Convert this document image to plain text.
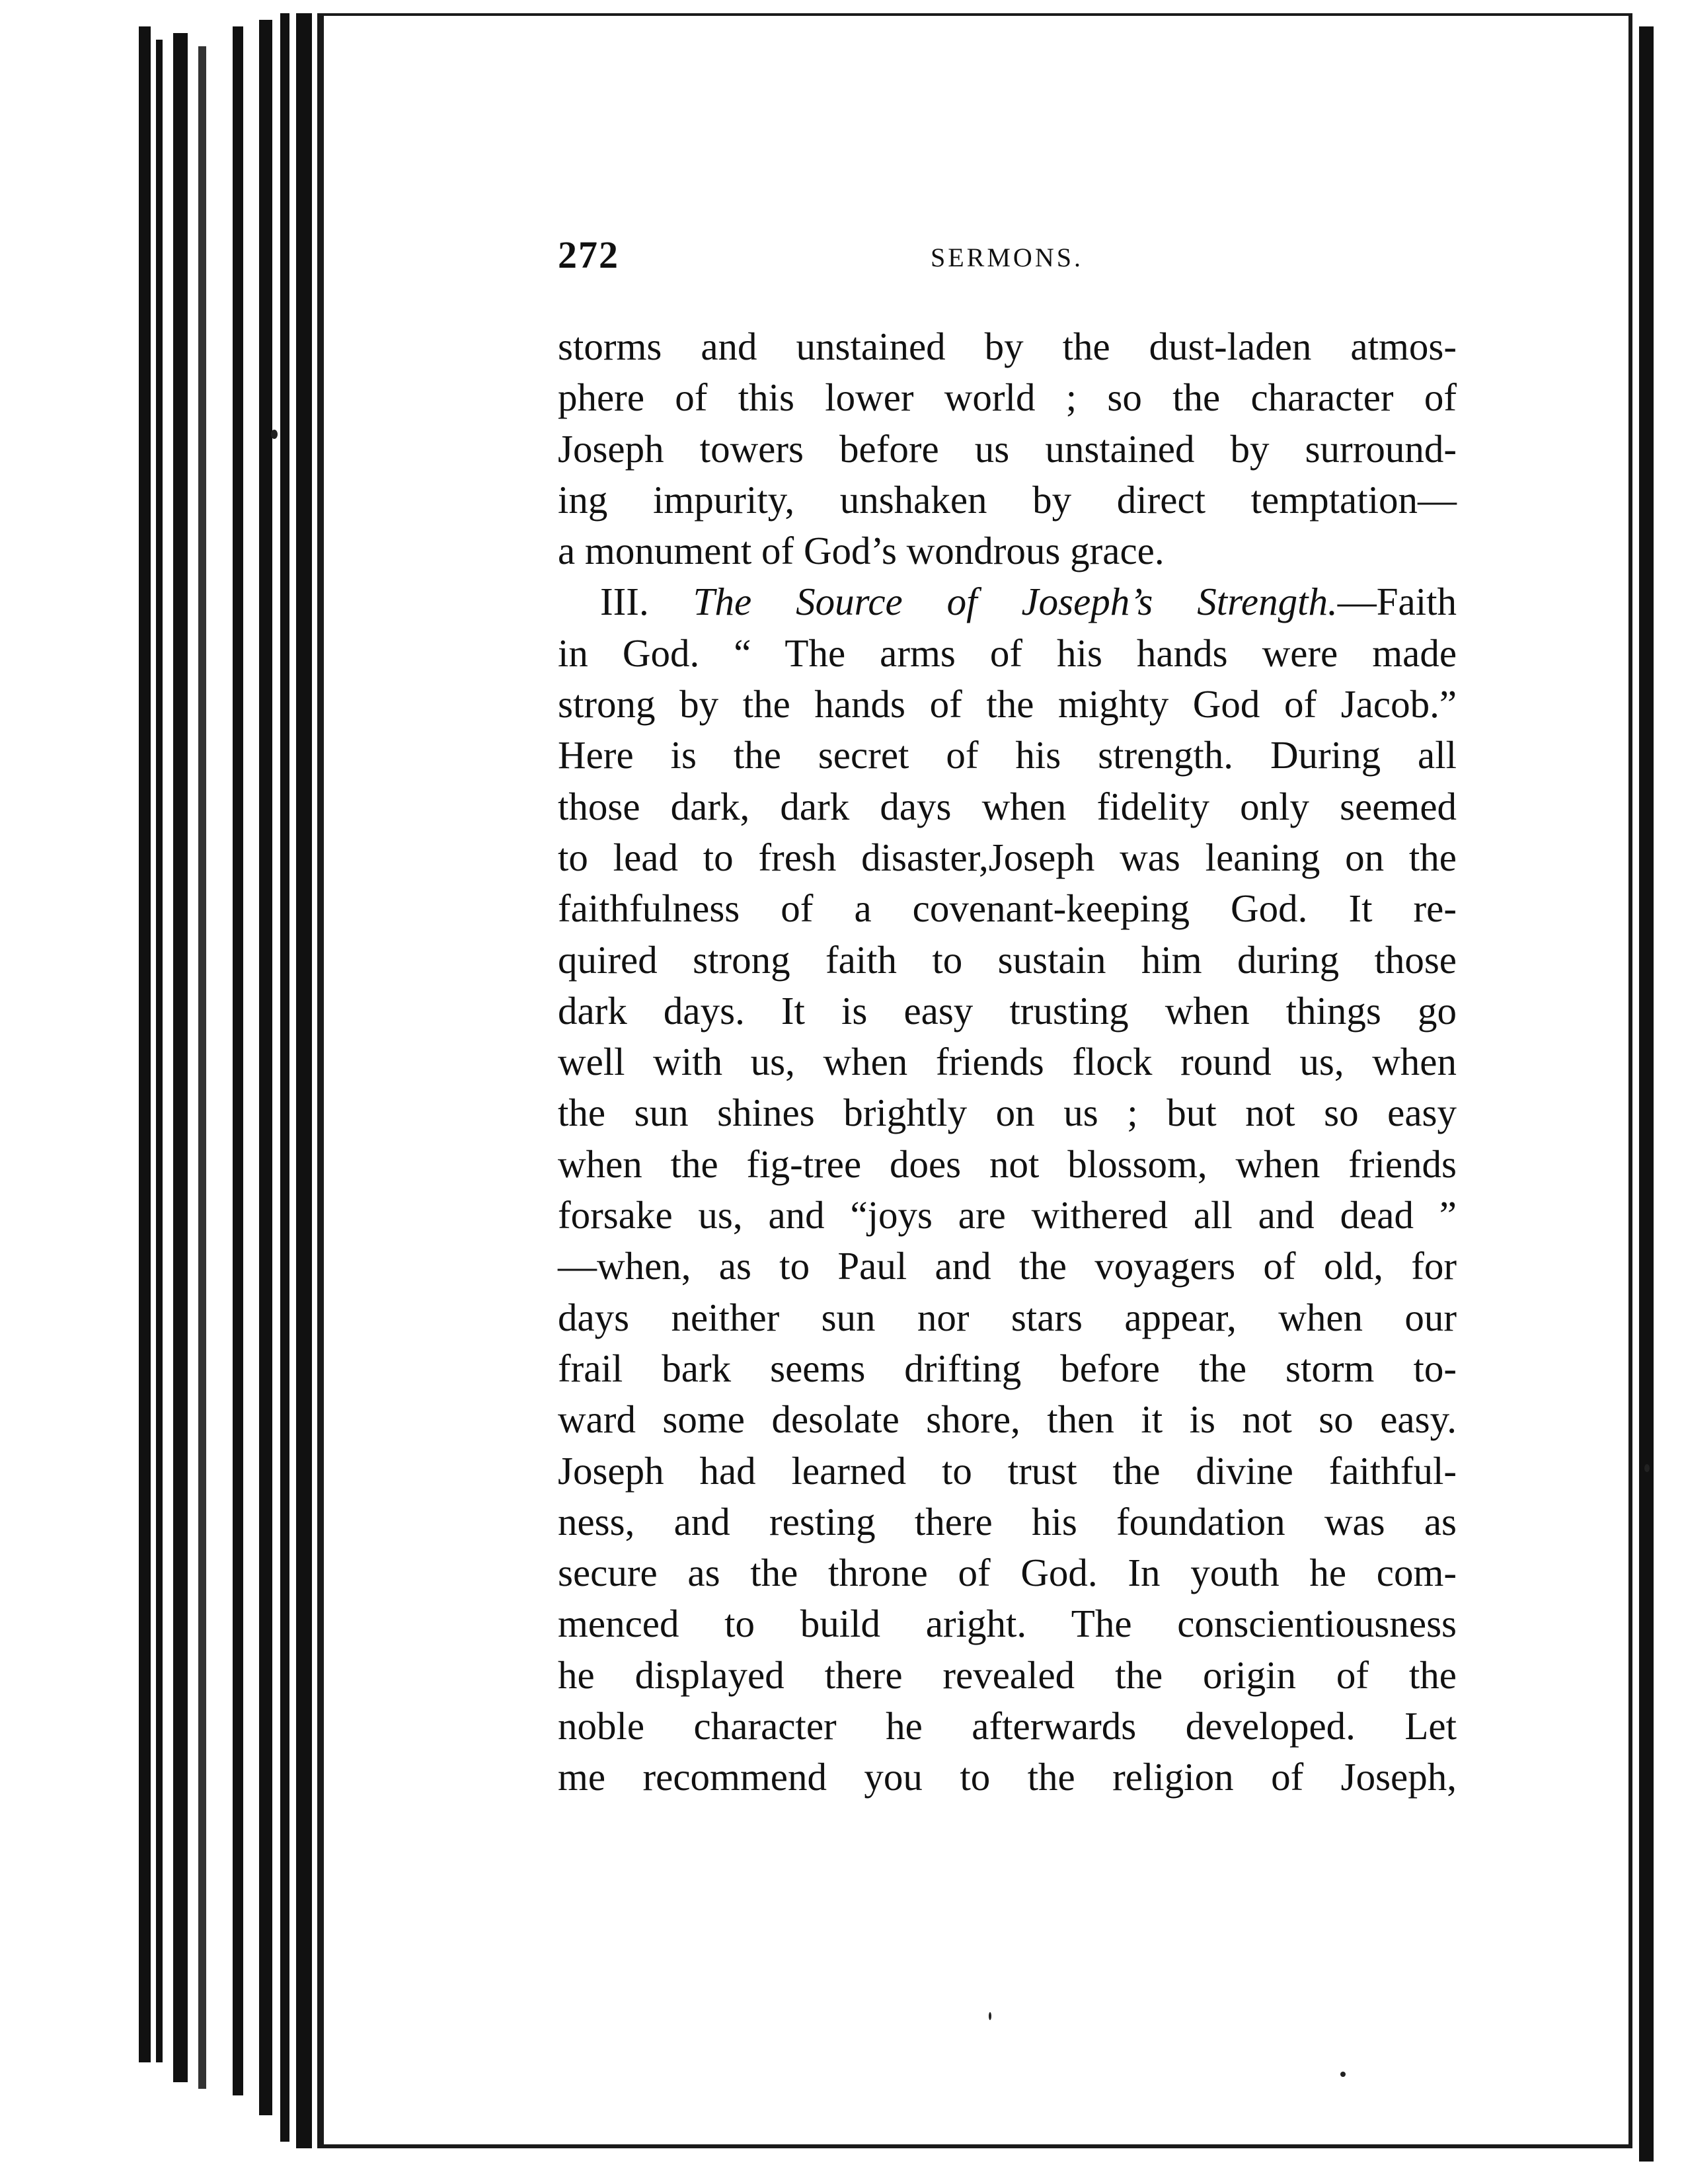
272	SERMONS.
storms and unstained by the dust-laden atmos-
phere of this lower world ; so the character of
Joseph towers before us unstained by surround-
ing impurity, unshaken by direct temptation—
a monument of God’s wondrous grace.
III. The Source of Joseph’s Strength.—Faith
in God. “ The arms of his hands were made
strong by the hands of the mighty God of Jacob.”
Here is the secret of his strength. During all
those dark, dark days when fidelity only seemed
to lead to fresh disaster,Joseph was leaning on the
faithfulness of a covenant-keeping God. It re-
quired strong faith to sustain him during those
dark days. It is easy trusting when things go
well with us, when friends flock round us, when
the sun shines brightly on us ; but not so easy
when the fig-tree does not blossom, when friends
forsake us, and “joys are withered all and dead ”
—when, as to Paul and the voyagers of old, for
days neither sun nor stars appear, when our
frail bark seems drifting before the storm to-
ward some desolate shore, then it is not so easy.
Joseph had learned to trust the divine faithful-
ness, and resting there his foundation was as
secure as the throne of God. In youth he com-
menced to build aright. The conscientiousness
he displayed there revealed the origin of the
noble character he afterwards developed. Let
me recommend you to the religion of Joseph,
